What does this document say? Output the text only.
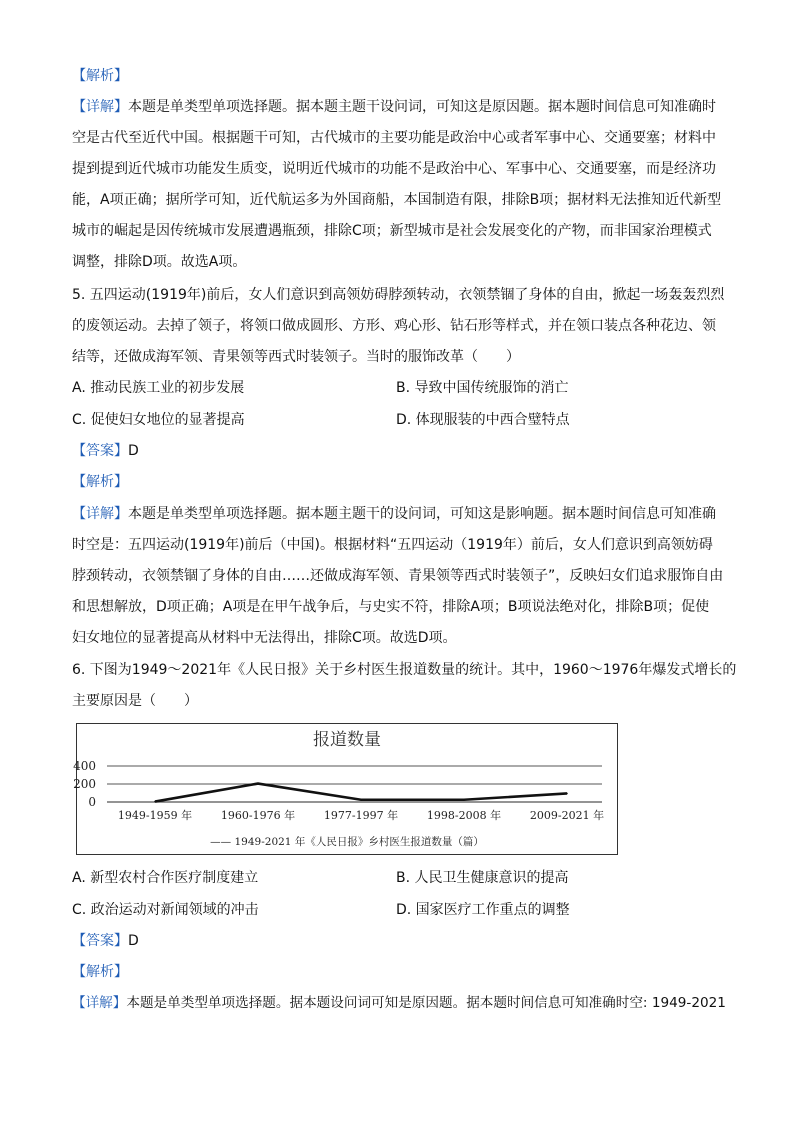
【解析】
【详解】本题是单类型单项选择题。据本题主题干设问词，可知这是原因题。据本题时间信息可知准确时
空是古代至近代中国。根据题干可知，古代城市的主要功能是政治中心或者军事中心、交通要塞；材料中
提到提到近代城市功能发生质变，说明近代城市的功能不是政治中心、军事中心、交通要塞，而是经济功
能，A项正确；据所学可知，近代航运多为外国商船，本国制造有限，排除B项；据材料无法推知近代新型
城市的崛起是因传统城市发展遭遇瓶颈，排除C项；新型城市是社会发展变化的产物，而非国家治理模式
调整，排除D项。故选A项。
5. 五四运动(1919年)前后，女人们意识到高领妨碍脖颈转动，衣领禁锢了身体的自由，掀起一场轰轰烈烈
的废领运动。去掉了领子，将领口做成圆形、方形、鸡心形、钻石形等样式，并在领口装点各种花边、领
结等，还做成海军领、青果领等西式时装领子。当时的服饰改革（　　）
A. 推动民族工业的初步发展	B. 导致中国传统服饰的消亡
C. 促使妇女地位的显著提高	D. 体现服装的中西合璧特点
【答案】D
【解析】
【详解】本题是单类型单项选择题。据本题主题干的设问词，可知这是影响题。据本题时间信息可知准确
时空是：五四运动(1919年)前后（中国)。根据材料“五四运动（1919年）前后，女人们意识到高领妨碍
脖颈转动，衣领禁锢了身体的自由……还做成海军领、青果领等西式时装领子”，反映妇女们追求服饰自由
和思想解放，D项正确；A项是在甲午战争后，与史实不符，排除A项；B项说法绝对化，排除B项；促使
妇女地位的显著提高从材料中无法得出，排除C项。故选D项。
6. 下图为1949～2021年《人民日报》关于乡村医生报道数量的统计。其中，1960～1976年爆发式增长的
主要原因是（　　）
报道数量
400
200
0
1949-1959 年	1960-1976 年	1977-1997 年	1998-2008 年	2009-2021 年
—— 1949-2021 年《人民日报》乡村医生报道数量（篇）
A. 新型农村合作医疗制度建立	B. 人民卫生健康意识的提高
C. 政治运动对新闻领域的冲击	D. 国家医疗工作重点的调整
【答案】D
【解析】
【详解】本题是单类型单项选择题。据本题设问词可知是原因题。据本题时间信息可知准确时空: 1949-2021
